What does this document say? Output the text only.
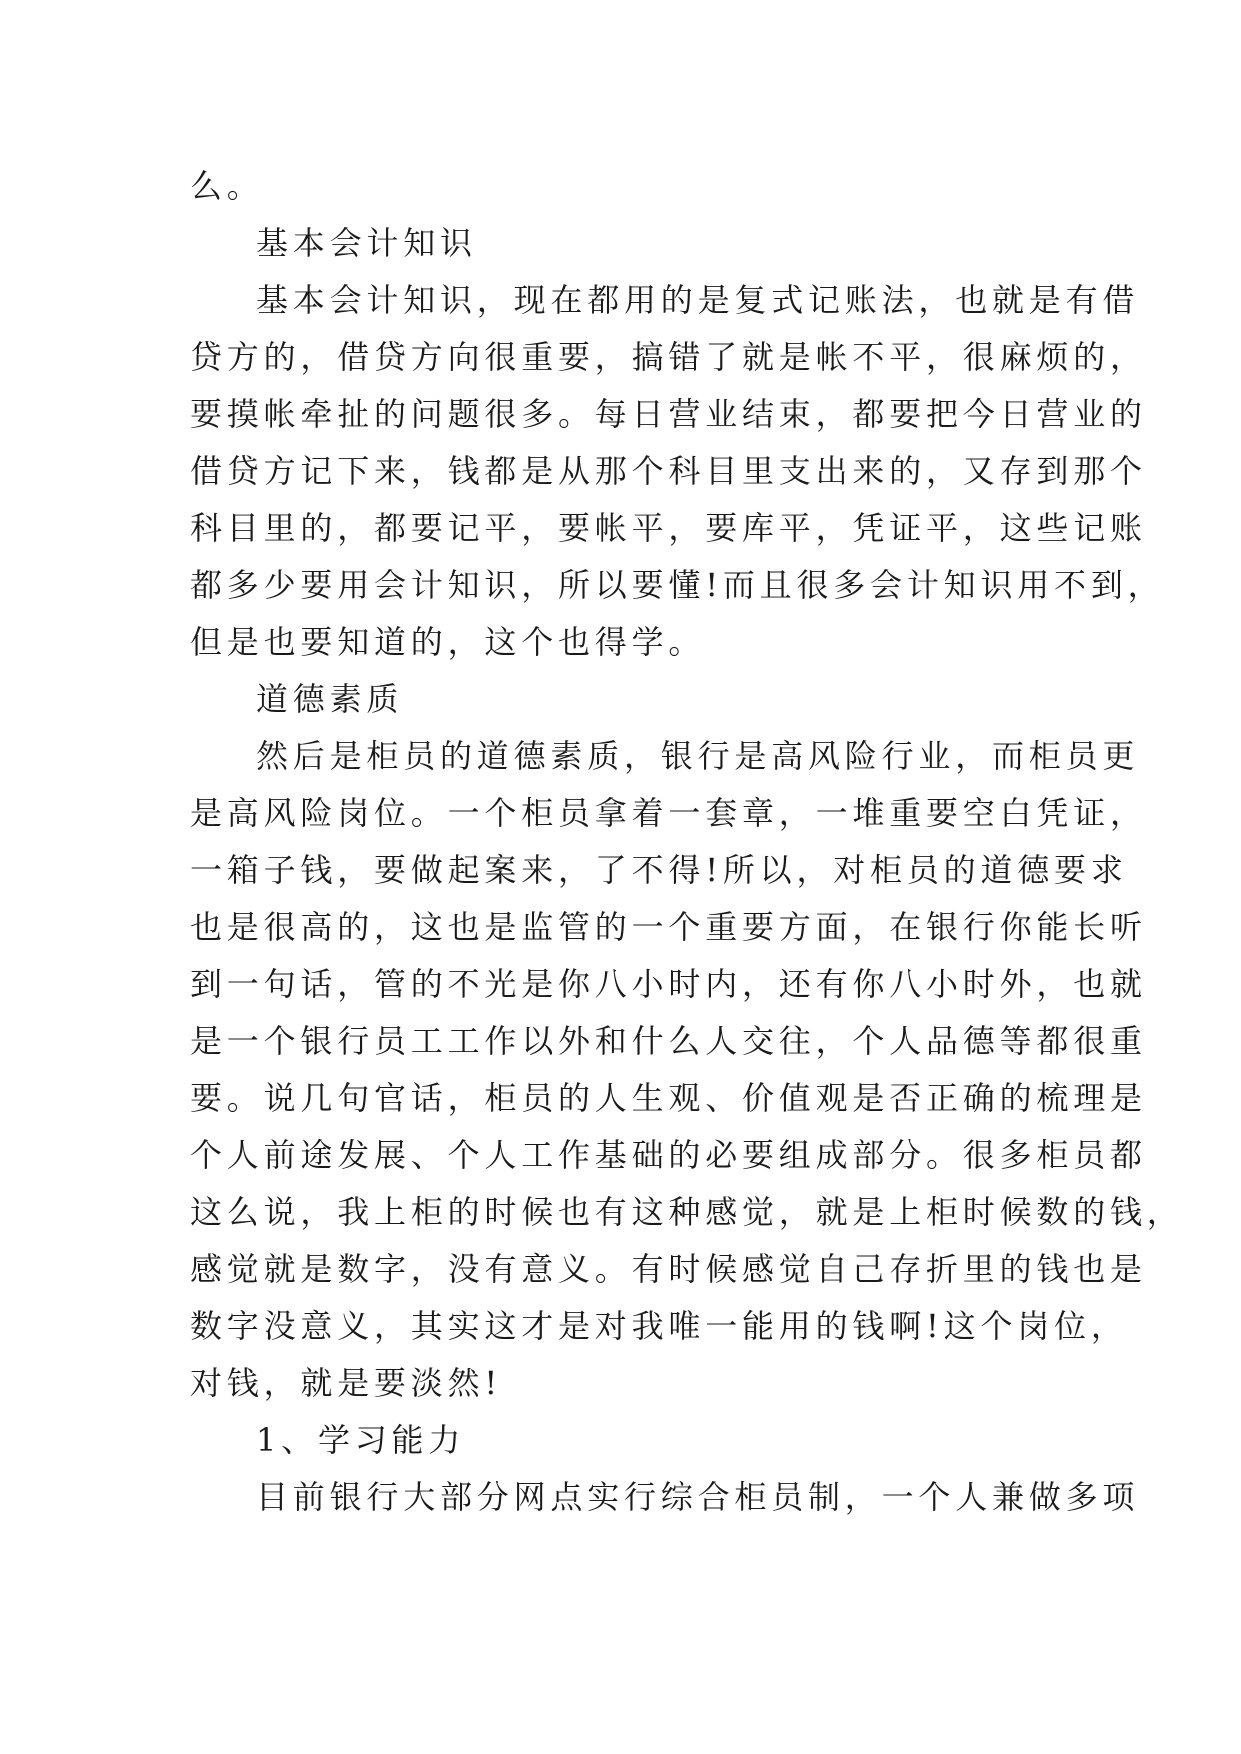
么。
基本会计知识
基本会计知识，现在都用的是复式记账法，也就是有借
贷方的，借贷方向很重要，搞错了就是帐不平，很麻烦的，
要摸帐牵扯的问题很多。每日营业结束，都要把今日营业的
借贷方记下来，钱都是从那个科目里支出来的，又存到那个
科目里的，都要记平，要帐平，要库平，凭证平，这些记账
都多少要用会计知识，所以要懂!而且很多会计知识用不到，
但是也要知道的，这个也得学。
道德素质
然后是柜员的道德素质，银行是高风险行业，而柜员更
是高风险岗位。一个柜员拿着一套章，一堆重要空白凭证，
一箱子钱，要做起案来，了不得!所以，对柜员的道德要求
也是很高的，这也是监管的一个重要方面，在银行你能长听
到一句话，管的不光是你八小时内，还有你八小时外，也就
是一个银行员工工作以外和什么人交往，个人品德等都很重
要。说几句官话，柜员的人生观、价值观是否正确的梳理是
个人前途发展、个人工作基础的必要组成部分。很多柜员都
这么说，我上柜的时候也有这种感觉，就是上柜时候数的钱，
感觉就是数字，没有意义。有时候感觉自己存折里的钱也是
数字没意义，其实这才是对我唯一能用的钱啊!这个岗位，
对钱，就是要淡然!
1、学习能力
目前银行大部分网点实行综合柜员制，一个人兼做多项
